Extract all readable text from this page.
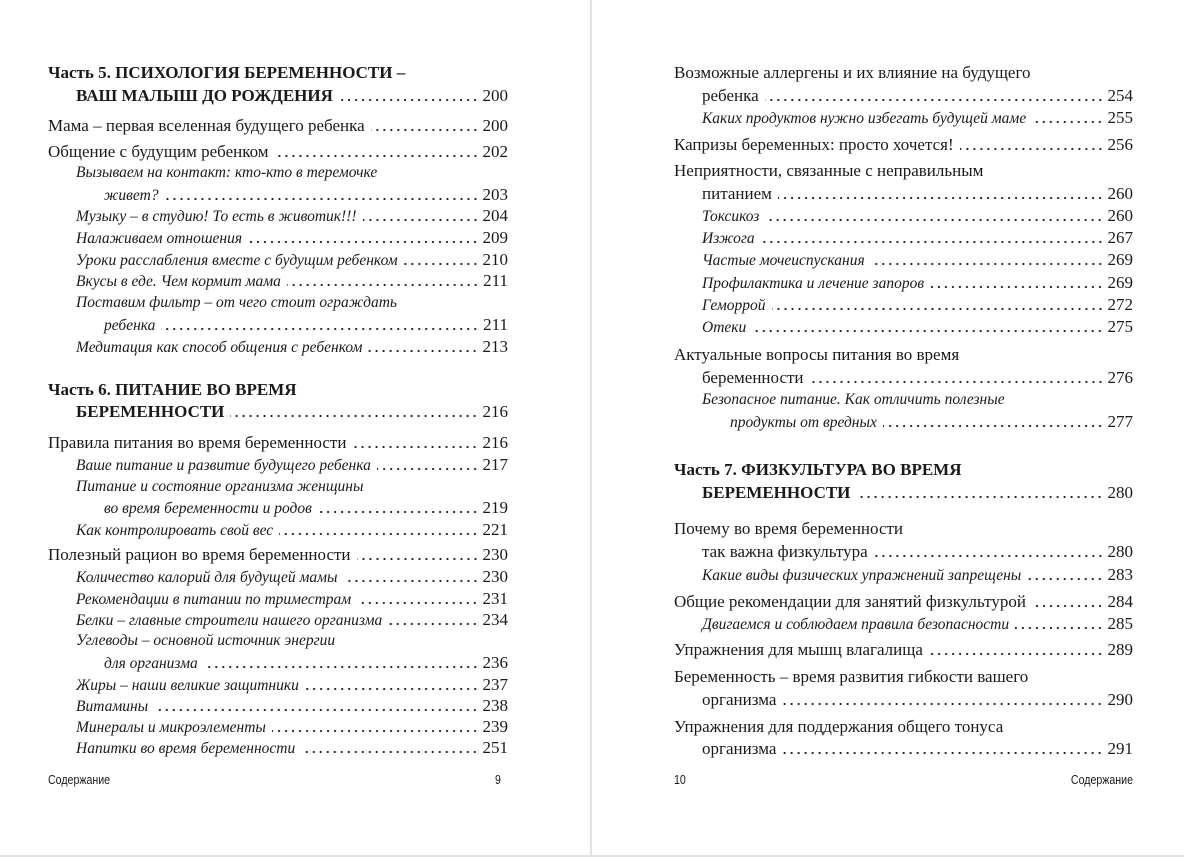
Содержание	9
Часть 5. ПСИХОЛОГИЯ БЕРЕМЕННОСТИ –
ВАШ МАЛЫШ ДО РОЖДЕНИЯ	200
Мама – первая вселенная будущего ребенка	200
Общение с будущим ребенком	202
Вызываем на контакт: кто-кто в теремочке
живет?	203
Музыку – в студию! То есть в животик!!!	204
Налаживаем отношения	209
Уроки расслабления вместе с будущим ребенком	210
Вкусы в еде. Чем кормит мама	211
Поставим фильтр – от чего стоит ограждать
ребенка	211
Медитация как способ общения с ребенком	213
Часть 6. ПИТАНИЕ ВО ВРЕМЯ
БЕРЕМЕННОСТИ	216
Правила питания во время беременности	216
Ваше питание и развитие будущего ребенка	217
Питание и состояние организма женщины
во время беременности и родов	219
Как контролировать свой вес	221
Полезный рацион во время беременности	230
Количество калорий для будущей мамы	230
Рекомендации в питании по триместрам	231
Белки – главные строители нашего организма	234
Углеводы – основной источник энергии
для организма	236
Жиры – наши великие защитники	237
Витамины	238
Минералы и микроэлементы	239
Напитки во время беременности	251
10	Содержание
Возможные аллергены и их влияние на будущего
ребенка	254
Каких продуктов нужно избегать будущей маме	255
Капризы беременных: просто хочется!	256
Неприятности, связанные с неправильным
питанием	260
Токсикоз	260
Изжога	267
Частые мочеиспускания	269
Профилактика и лечение запоров	269
Геморрой	272
Отеки	275
Актуальные вопросы питания во время
беременности	276
Безопасное питание. Как отличить полезные
продукты от вредных	277
Часть 7. ФИЗКУЛЬТУРА ВО ВРЕМЯ
БЕРЕМЕННОСТИ	280
Почему во время беременности
так важна физкультура	280
Какие виды физических упражнений запрещены	283
Общие рекомендации для занятий физкультурой	284
Двигаемся и соблюдаем правила безопасности	285
Упражнения для мышц влагалища	289
Беременность – время развития гибкости вашего
организма	290
Упражнения для поддержания общего тонуса
организма	291
